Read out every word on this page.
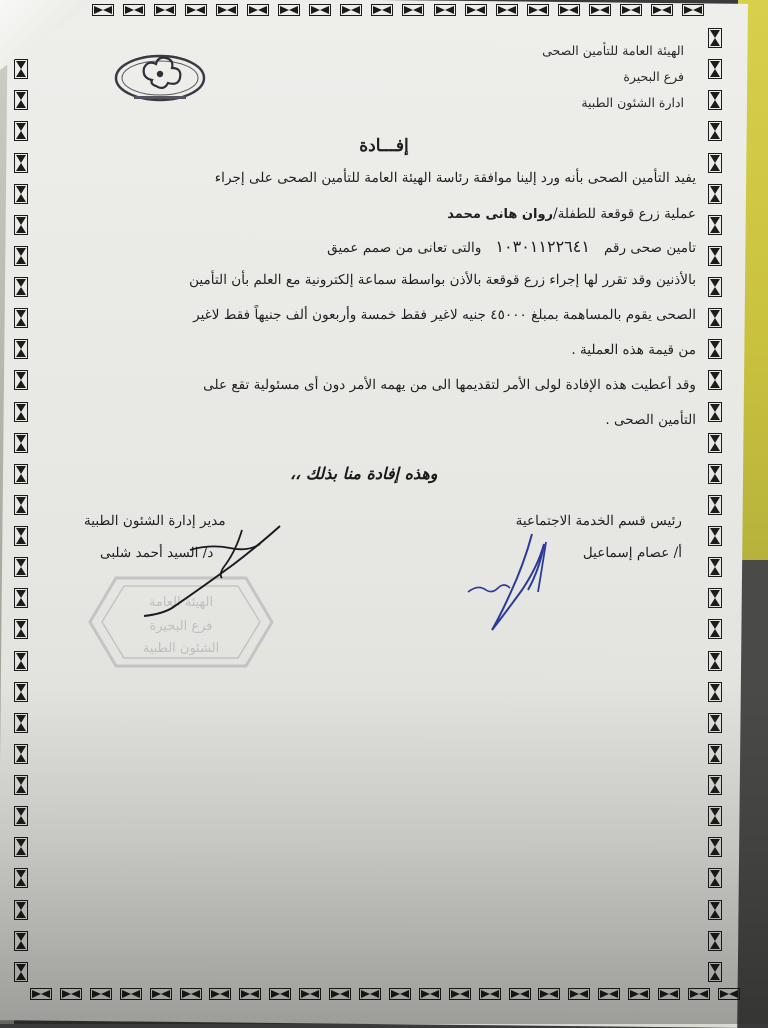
الهيئة العامة للتأمين الصحى
فرع البحيرة
ادارة الشئون الطبية
إفـــادة
يفيد التأمين الصحى بأنه ورد إلينا موافقة رئاسة الهيئة العامة للتأمين الصحى على إجراء
عملية زرع قوقعة للطفلة/روان هانى محمد
تامين صحى رقم١٠٣٠١١٢٢٦٤١والتى تعانى من صمم عميق
بالأذنين وقد تقرر لها إجراء زرع قوقعة بالأذن بواسطة سماعة إلكترونية مع العلم بأن التأمين
الصحى يقوم بالمساهمة بمبلغ ٤٥٠٠٠ جنيه لاغير فقط خمسة وأربعون ألف جنيهاً فقط لاغير
من قيمة هذه العملية .
وقد أعطيت هذه الإفادة لولى الأمر لتقديمها الى من يهمه الأمر دون أى مسئولية تقع على
التأمين الصحى .
وهذه إفادة منا بذلك ،،
مدير إدارة الشئون الطبية
د/ السيد أحمد شلبى
رئيس قسم الخدمة الاجتماعية
أ/ عصام إسماعيل
الهيئة العامة
فرع البحيرة
الشئون الطبية
